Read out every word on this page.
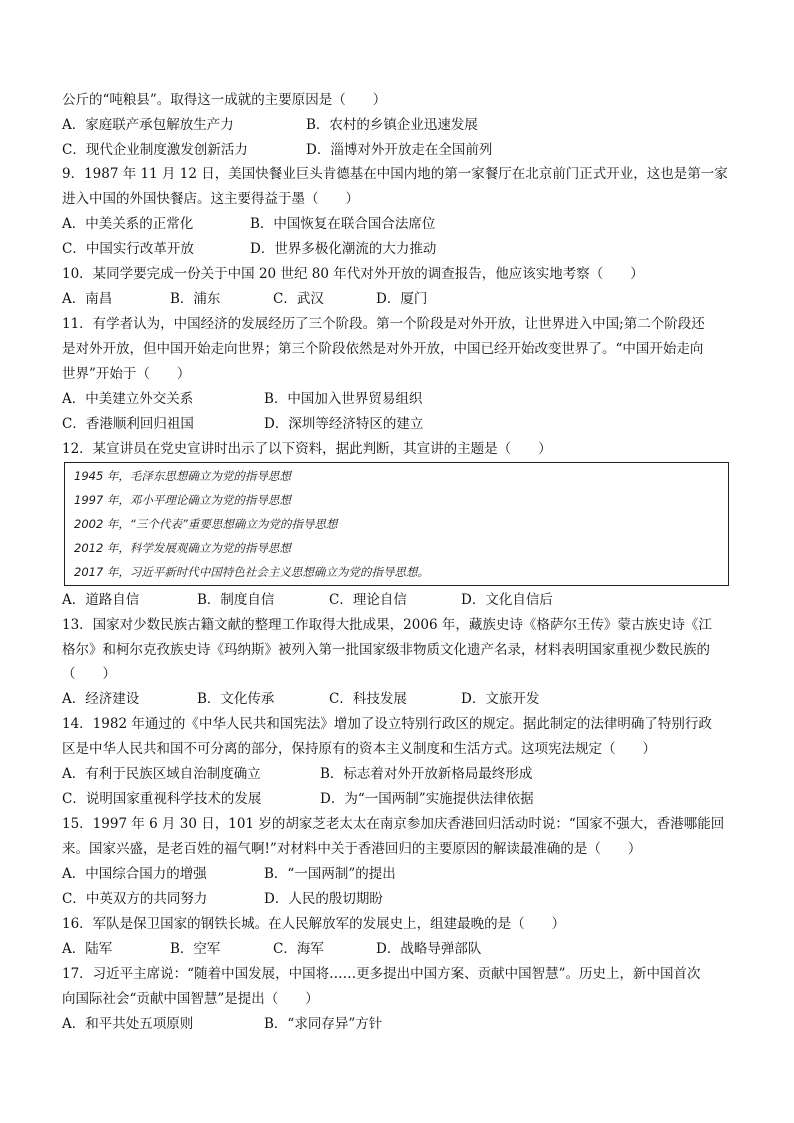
公斤的“吨粮县”。取得这一成就的主要原因是（　　）
A．家庭联产承包解放生产力	B．农村的乡镇企业迅速发展
C．现代企业制度激发创新活力	D．淄博对外开放走在全国前列
9．1987 年 11 月 12 日，美国快餐业巨头肯德基在中国内地的第一家餐厅在北京前门正式开业，这也是第一家
进入中国的外国快餐店。这主要得益于墨（　　）
A．中美关系的正常化	B．中国恢复在联合国合法席位
C．中国实行改革开放	D．世界多极化潮流的大力推动
10．某同学要完成一份关于中国 20 世纪 80 年代对外开放的调查报告，他应该实地考察（　　）
A．南昌	B．浦东	C．武汉	D．厦门
11．有学者认为，中国经济的发展经历了三个阶段。第一个阶段是对外开放，让世界进入中国;第二个阶段还
是对外开放，但中国开始走向世界；第三个阶段依然是对外开放，中国已经开始改变世界了。“中国开始走向
世界”开始于（　　）
A．中美建立外交关系	B．中国加入世界贸易组织
C．香港顺利回归祖国	D．深圳等经济特区的建立
12．某宣讲员在党史宣讲时出示了以下资料，据此判断，其宣讲的主题是（　　）
1945 年，毛泽东思想确立为党的指导思想
1997 年，邓小平理论确立为党的指导思想
2002 年，“三个代表”重要思想确立为党的指导思想
2012 年，科学发展观确立为党的指导思想
2017 年，习近平新时代中国特色社会主义思想确立为党的指导思想。
A．道路自信	B．制度自信	C．理论自信	D．文化自信后
13．国家对少数民族古籍文献的整理工作取得大批成果，2006 年，藏族史诗《格萨尔王传》蒙古族史诗《江
格尔》和柯尔克孜族史诗《玛纳斯》被列入第一批国家级非物质文化遗产名录，材料表明国家重视少数民族的
（　　）
A．经济建设	B．文化传承	C．科技发展	D．文旅开发
14．1982 年通过的《中华人民共和国宪法》增加了设立特别行政区的规定。据此制定的法律明确了特别行政
区是中华人民共和国不可分离的部分，保持原有的资本主义制度和生活方式。这项宪法规定（　　）
A．有利于民族区域自治制度确立	B．标志着对外开放新格局最终形成
C．说明国家重视科学技术的发展	D．为“一国两制”实施提供法律依据
15．1997 年 6 月 30 日，101 岁的胡家芝老太太在南京参加庆香港回归活动时说：“国家不强大，香港哪能回
来。国家兴盛，是老百姓的福气啊!”对材料中关于香港回归的主要原因的解读最准确的是（　　）
A．中国综合国力的增强	B．“一国两制”的提出
C．中英双方的共同努力	D．人民的殷切期盼
16．军队是保卫国家的钢铁长城。在人民解放军的发展史上，组建最晚的是（　　）
A．陆军	B．空军	C．海军	D．战略导弹部队
17．习近平主席说：“随着中国发展，中国将……更多提出中国方案、贡献中国智慧”。历史上，新中国首次
向国际社会“贡献中国智慧”是提出（　　）
A．和平共处五项原则	B．“求同存异”方针
